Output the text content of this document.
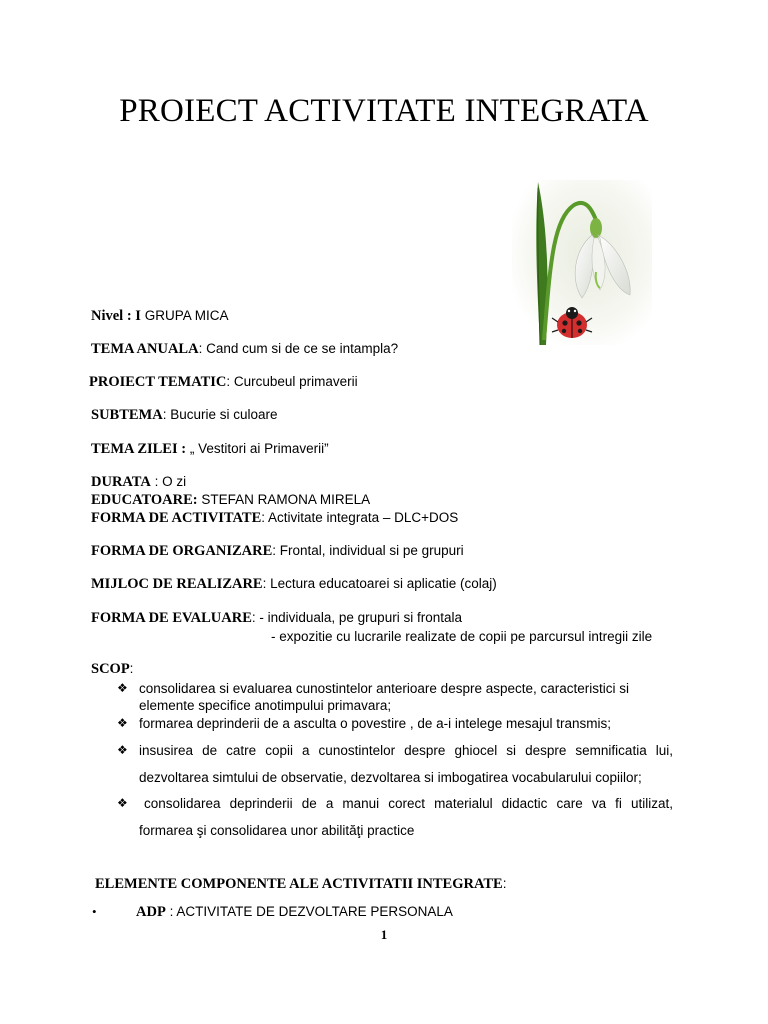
PROIECT ACTIVITATE INTEGRATA
Nivel : I GRUPA MICA
TEMA ANUALA: Cand cum si de ce se intampla?
PROIECT TEMATIC: Curcubeul primaverii
SUBTEMA: Bucurie si culoare
TEMA ZILEI : „ Vestitori ai Primaverii”
DURATA : O zi
EDUCATOARE: STEFAN RAMONA MIRELA
FORMA DE ACTIVITATE: Activitate integrata – DLC+DOS
FORMA DE ORGANIZARE: Frontal, individual si pe grupuri
MIJLOC DE REALIZARE: Lectura educatoarei si aplicatie (colaj)
FORMA DE EVALUARE: - individuala, pe grupuri si frontala
- expozitie cu lucrarile realizate de copii pe parcursul intregii zile
SCOP:
❖ consolidarea si evaluarea cunostintelor anterioare despre aspecte, caracteristici si
elemente specifice anotimpului primavara;
❖ formarea deprinderii de a asculta o povestire , de a-i intelege mesajul transmis;
❖ insusirea de catre copii a cunostintelor despre ghiocel si despre semnificatia lui,
dezvoltarea simtului de observatie, dezvoltarea si imbogatirea vocabularului copiilor;
❖ consolidarea deprinderii de a manui corect materialul didactic care va fi utilizat,
formarea şi consolidarea unor abilităţi practice
ELEMENTE COMPONENTE ALE ACTIVITATII INTEGRATE:
•	ADP : ACTIVITATE DE DEZVOLTARE PERSONALA
1
